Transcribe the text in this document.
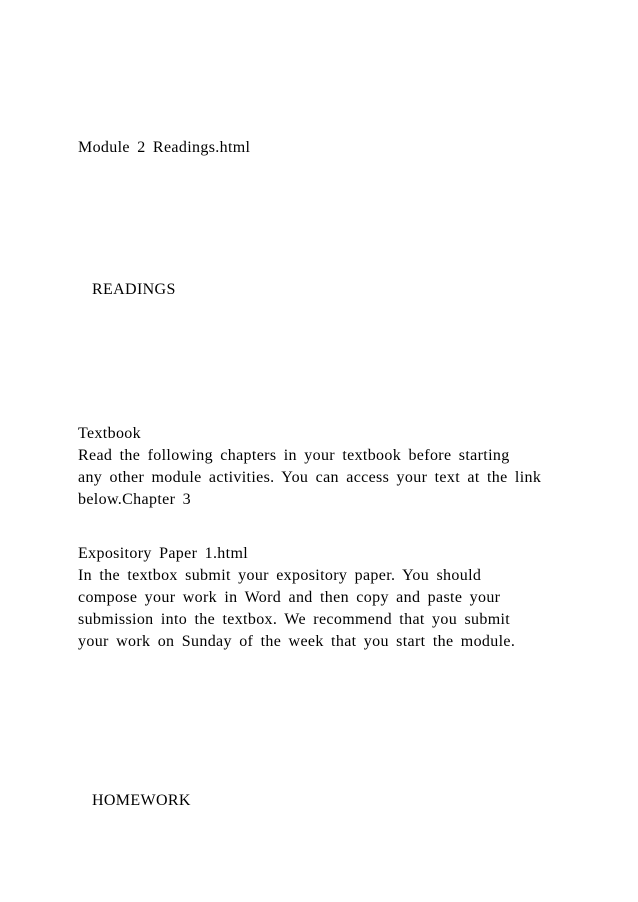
Module 2 Readings.html
READINGS
Textbook
Read the following chapters in your textbook before starting
any other module activities. You can access your text at the link
below.Chapter 3
Expository Paper 1.html
In the textbox submit your expository paper. You should
compose your work in Word and then copy and paste your
submission into the textbox. We recommend that you submit
your work on Sunday of the week that you start the module.
HOMEWORK
